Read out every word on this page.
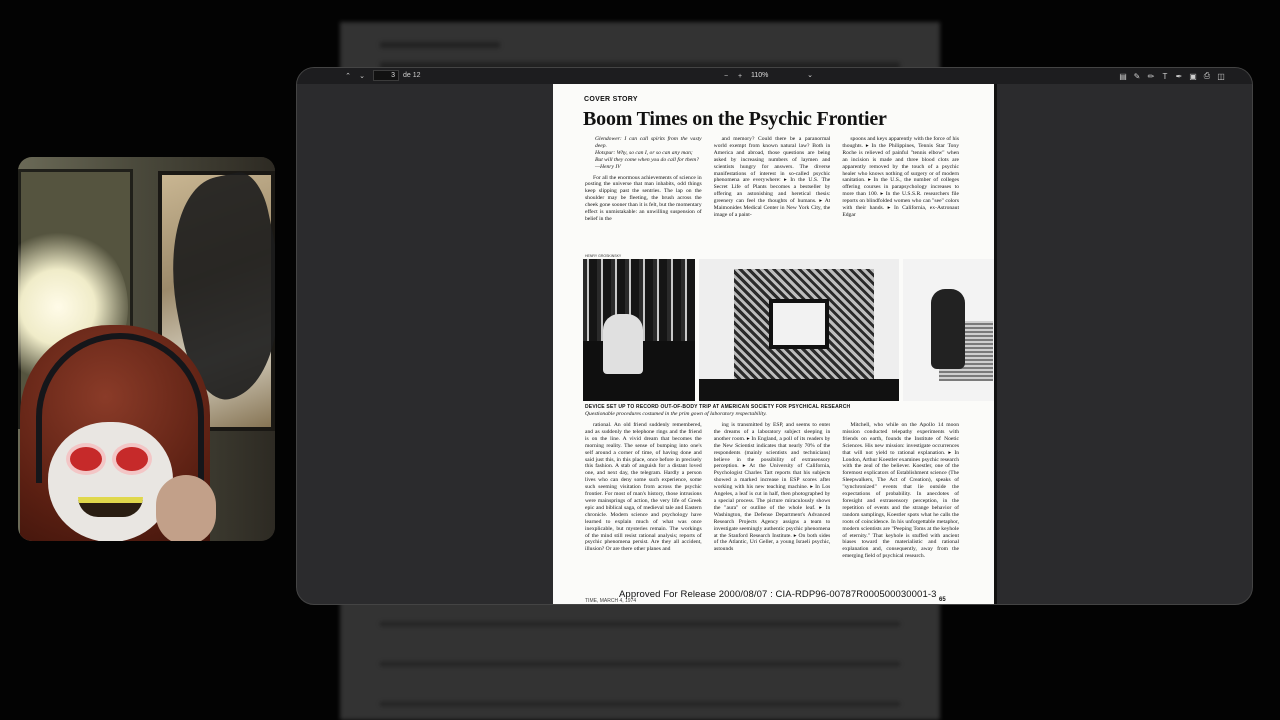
⌃ ⌄	3	de 12	−	+	110%	⌄	▤ ✎ ✏	T	✒ ▣ ⎙ ◫
COVER STORY
Boom Times on the Psychic Frontier
Glendower: I can call spirits from the vasty deep.
Hotspur: Why, so can I, or so can any man;
But will they come when you do call for them?
—Henry IV

For all the enormous achievements of science in posting the universe that man inhabits, odd things keep slipping past the sentries. The lap on the shoulder may be fleeting, the brush across the cheek gone sooner than it is felt, but the momentary effect is unmistakable: an unwilling suspension of belief in the

and memory? Could there be a paranormal world exempt from known natural law? Both in America and abroad, those questions are being asked by increasing numbers of laymen and scientists hungry for answers. The diverse manifestations of interest in so-called psychic phenomena are everywhere: ▸ In the U.S. The Secret Life of Plants becomes a bestseller by offering an astonishing and heretical thesis: greenery can feel the thoughts of humans. ▸ At Maimonides Medical Center in New York City, the image of a paint-

spoons and keys apparently with the force of his thoughts. ▸ In the Philippines, Tennis Star Tony Roche is relieved of painful "tennis elbow" when an incision is made and three blood clots are apparently removed by the touch of a psychic healer who knows nothing of surgery or of modern sanitation. ▸ In the U.S., the number of colleges offering courses in parapsychology increases to more than 100. ▸ In the U.S.S.R. researchers file reports on blindfolded women who can "see" colors with their hands. ▸ In California, ex-Astronaut Edgar

HENRY GROSKINSKY
DEVICE SET UP TO RECORD OUT-OF-BODY TRIP AT AMERICAN SOCIETY FOR PSYCHICAL RESEARCH
Questionable procedures costumed in the prim gown of laboratory respectability.

rational. An old friend suddenly remembered, and as suddenly the telephone rings and the friend is on the line. A vivid dream that becomes the morning reality. The sense of bumping into one's self around a corner of time, of having done and said just this, in this place, once before in precisely this fashion. A stab of anguish for a distant loved one, and next day, the telegram. Hardly a person lives who can deny some such experience, some such seeming visitation from across the psychic frontier. For most of man's history, those intrusions were mainsprings of action, the very life of Greek epic and biblical saga, of medieval tale and Eastern chronicle. Modern science and psychology have learned to explain much of what was once inexplicable, but mysteries remain. The workings of the mind still resist rational analysis; reports of psychic phenomena persist. Are they all accident, illusion? Or are there other planes and

ing is transmitted by ESP, and seems to enter the dreams of a laboratory subject sleeping in another room. ▸ In England, a poll of its readers by the New Scientist indicates that nearly 70% of the respondents (mainly scientists and technicians) believe in the possibility of extrasensory perception. ▸ At the University of California, Psychologist Charles Tart reports that his subjects showed a marked increase in ESP scores after working with his new teaching machine. ▸ In Los Angeles, a leaf is cut in half, then photographed by a special process. The picture miraculously shows the "aura" or outline of the whole leaf. ▸ In Washington, the Defense Department's Advanced Research Projects Agency assigns a team to investigate seemingly authentic psychic phenomena at the Stanford Research Institute. ▸ On both sides of the Atlantic, Uri Geller, a young Israeli psychic, astounds

Mitchell, who while on the Apollo 14 moon mission conducted telepathy experiments with friends on earth, founds the Institute of Noetic Sciences. His new mission: investigate occurrences that will not yield to rational explanation. ▸ In London, Arthur Koestler examines psychic research with the zeal of the believer. Koestler, one of the foremost explicators of Establishment science (The Sleepwalkers, The Act of Creation), speaks of "synchronized" events that lie outside the expectations of probability. In anecdotes of foresight and extrasensory perception, in the repetition of events and the strange behavior of random samplings, Koestler spots what he calls the roots of coincidence. In his unforgettable metaphor, modern scientists are "Peeping Toms at the keyhole of eternity." That keyhole is stuffed with ancient biases toward the materialistic and rational explanation and, consequently, away from the emerging field of psychical research.

TIME, MARCH 4, 1974
Approved For Release 2000/08/07 : CIA-RDP96-00787R000500030001-3 65
